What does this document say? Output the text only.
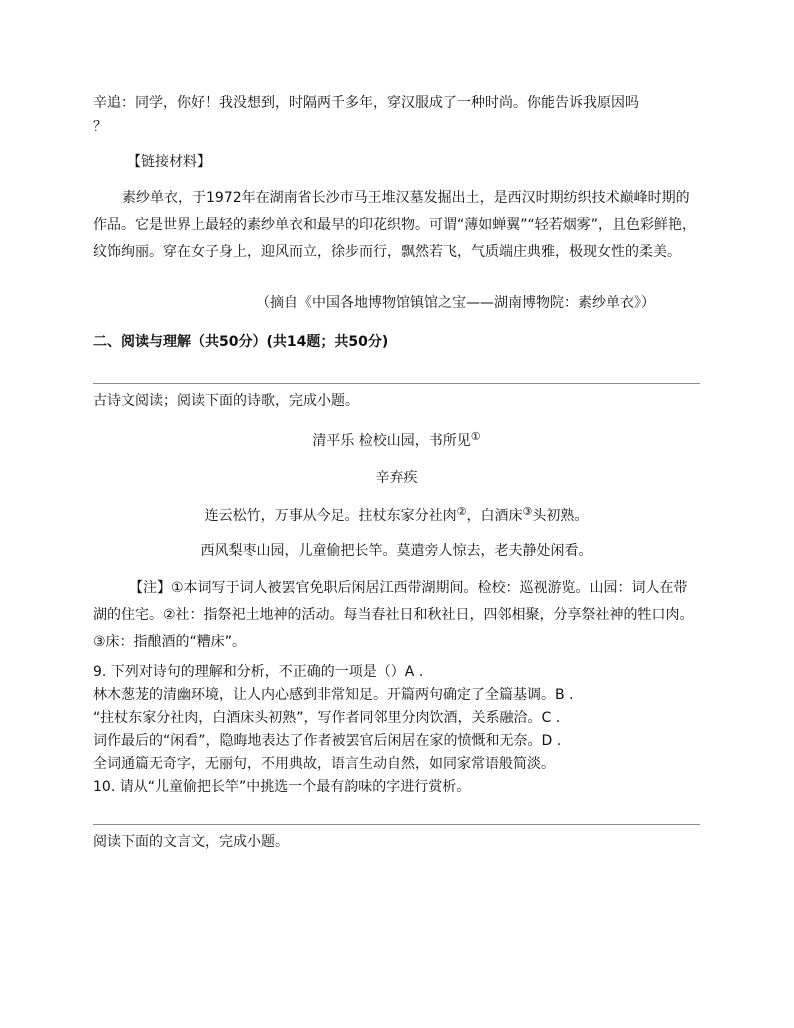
辛追：同学，你好！我没想到，时隔两千多年，穿汉服成了一种时尚。你能告诉我原因吗
？
【链接材料】
素纱单衣，于1972年在湖南省长沙市马王堆汉墓发掘出土，是西汉时期纺织技术巅峰时期的作品。它是世界上最轻的素纱单衣和最早的印花织物。可谓“薄如蝉翼”“轻若烟雾”，且色彩鲜艳，纹饰绚丽。穿在女子身上，迎风而立，徐步而行，飘然若飞，气质端庄典雅，极现女性的柔美。
（摘自《中国各地博物馆镇馆之宝——湖南博物院：素纱单衣》）
二、阅读与理解（共50分）(共14题；共50分)
古诗文阅读；阅读下面的诗歌，完成小题。
清平乐 检校山园，书所见①
辛弃疾
连云松竹，万事从今足。拄杖东家分社肉②，白酒床③头初熟。
西风梨枣山园，儿童偷把长竿。莫遣旁人惊去，老夫静处闲看。
【注】①本词写于词人被罢官免职后闲居江西带湖期间。检校：巡视游览。山园：词人在带湖的住宅。②社：指祭祀土地神的活动。每当春社日和秋社日，四邻相聚，分享祭社神的牲口肉。③床：指酿酒的“糟床”。
9. 下列对诗句的理解和分析，不正确的一项是（）A .
林木葱茏的清幽环境，让人内心感到非常知足。开篇两句确定了全篇基调。B .
“拄杖东家分社肉，白酒床头初熟”，写作者同邻里分肉饮酒，关系融洽。C .
词作最后的“闲看”，隐晦地表达了作者被罢官后闲居在家的愤慨和无奈。D .
全词通篇无奇字，无丽句，不用典故，语言生动自然，如同家常语般简淡。
10. 请从“儿童偷把长竿”中挑选一个最有韵味的字进行赏析。
阅读下面的文言文，完成小题。
